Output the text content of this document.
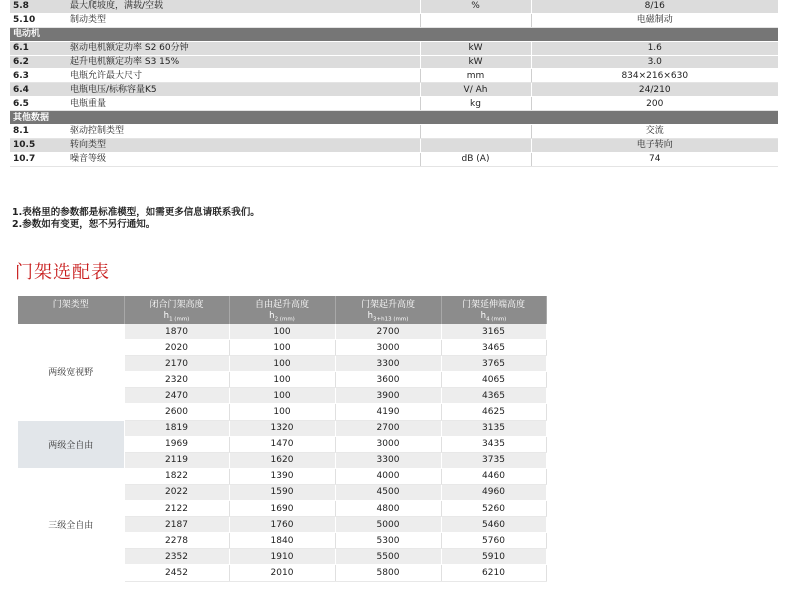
5.8	最大爬坡度，满载/空载	%	8/16
5.10	制动类型		电磁制动
电动机			
6.1	驱动电机额定功率 S2 60分钟	kW	1.6
6.2	起升电机额定功率 S3 15%	kW	3.0
6.3	电瓶允许最大尺寸	mm	834×216×630
6.4	电瓶电压/标称容量K5	V/ Ah	24/210
6.5	电瓶重量	kg	200
其他数据			
8.1	驱动控制类型		交流
10.5	转向类型		电子转向
10.7	噪音等级	dB (A)	74
1.表格里的参数都是标准模型，如需更多信息请联系我们。
2.参数如有变更，恕不另行通知。
门架选配表
门架类型	闭合门架高度	自由起升高度	门架起升高度	门架延伸端高度
	$h_{1 (mm)}$	$h_{2 (mm)}$	$h_{3+h13 (mm)}$	$h_{4 (mm)}$
两级宽视野	1870	100	2700	3165
	2020	100	3000	3465
	2170	100	3300	3765
	2320	100	3600	4065
	2470	100	3900	4365
	2600	100	4190	4625
两级全自由	1819	1320	2700	3135
	1969	1470	3000	3435
	2119	1620	3300	3735
三级全自由	1822	1390	4000	4460
	2022	1590	4500	4960
	2122	1690	4800	5260
	2187	1760	5000	5460
	2278	1840	5300	5760
	2352	1910	5500	5910
	2452	2010	5800	6210
